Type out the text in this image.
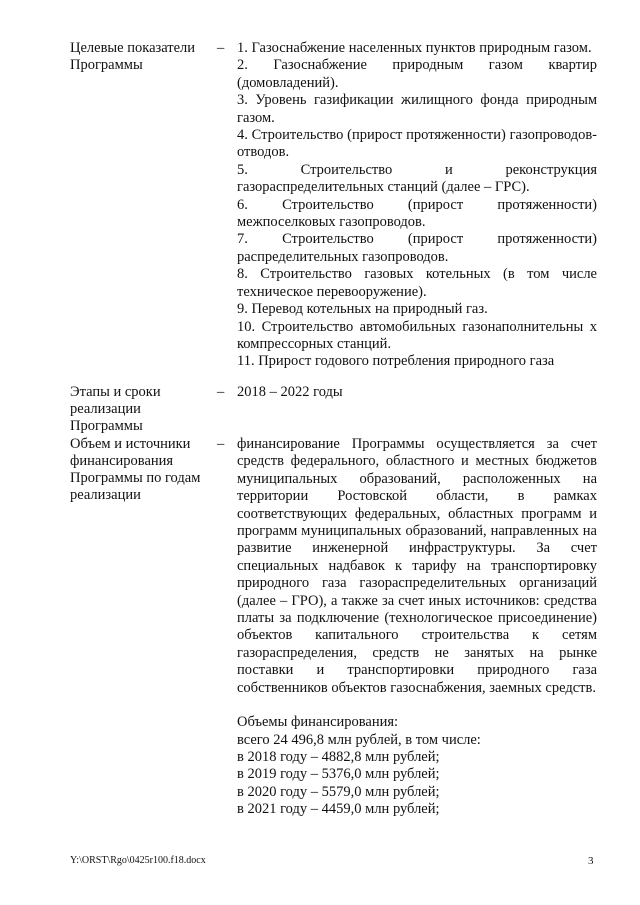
Целевые показатели
Программы
– 1. Газоснабжение населенных пунктов природным газом.

2. Газоснабжение природным газом квартир (домовладений).

3. Уровень газификации жилищного фонда природным газом.

4. Строительство (прирост протяженности) газопроводов-отводов.

5. Строительство и реконструкция газораспределительных станций (далее – ГРС).

6. Строительство (прирост протяженности) межпоселковых газопроводов.

7. Строительство (прирост протяженности) распределительных газопроводов.

8. Строительство газовых котельных (в том числе техническое перевооружение).

9. Перевод котельных на природный газ.

10. Строительство автомобильных газонаполнительны х компрессорных станций.

11. Прирост годового потребления природного газа

Этапы и сроки
реализации
Программы
– 2018 – 2022 годы

Объем и источники
финансирования
Программы по годам
реализации
– финансирование Программы осуществляется за счет средств федерального, областного и местных бюджетов муниципальных образований, расположенных на территории Ростовской области, в рамках соответствующих федеральных, областных программ и программ муниципальных образований, направленных на развитие инженерной инфраструктуры. За счет специальных надбавок к тарифу на транспортировку природного газа газораспределительных организаций (далее – ГРО), а также за счет иных источников: средства платы за подключение (технологическое присоединение) объектов капитального строительства к сетям газораспределения, средств не занятых на рынке поставки и транспортировки природного газа собственников объектов газоснабжения, заемных средств.

Объемы финансирования:

всего 24 496,8 млн рублей, в том числе:

в 2018 году – 4882,8 млн рублей;

в 2019 году – 5376,0 млн рублей;

в 2020 году – 5579,0 млн рублей;

в 2021 году – 4459,0 млн рублей;

Y:\ORST\Rgo\0425r100.f18.docx	3
